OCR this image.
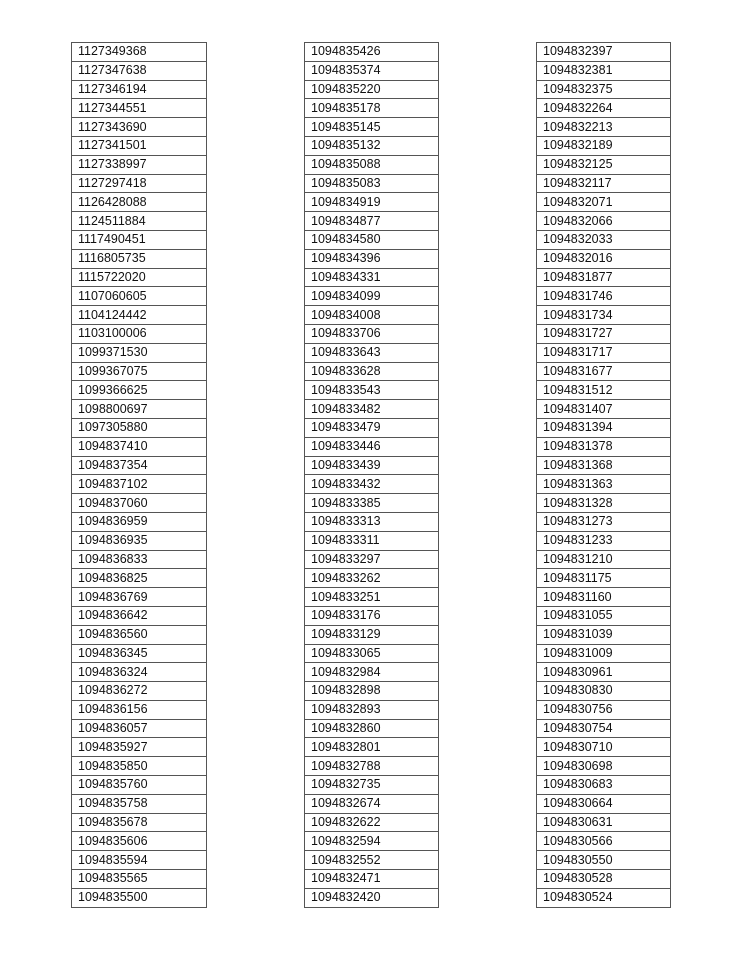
1127349368
1127347638
1127346194
1127344551
1127343690
1127341501
1127338997
1127297418
1126428088
1124511884
1117490451
1116805735
1115722020
1107060605
1104124442
1103100006
1099371530
1099367075
1099366625
1098800697
1097305880
1094837410
1094837354
1094837102
1094837060
1094836959
1094836935
1094836833
1094836825
1094836769
1094836642
1094836560
1094836345
1094836324
1094836272
1094836156
1094836057
1094835927
1094835850
1094835760
1094835758
1094835678
1094835606
1094835594
1094835565
1094835500
1094835426
1094835374
1094835220
1094835178
1094835145
1094835132
1094835088
1094835083
1094834919
1094834877
1094834580
1094834396
1094834331
1094834099
1094834008
1094833706
1094833643
1094833628
1094833543
1094833482
1094833479
1094833446
1094833439
1094833432
1094833385
1094833313
1094833311
1094833297
1094833262
1094833251
1094833176
1094833129
1094833065
1094832984
1094832898
1094832893
1094832860
1094832801
1094832788
1094832735
1094832674
1094832622
1094832594
1094832552
1094832471
1094832420
1094832397
1094832381
1094832375
1094832264
1094832213
1094832189
1094832125
1094832117
1094832071
1094832066
1094832033
1094832016
1094831877
1094831746
1094831734
1094831727
1094831717
1094831677
1094831512
1094831407
1094831394
1094831378
1094831368
1094831363
1094831328
1094831273
1094831233
1094831210
1094831175
1094831160
1094831055
1094831039
1094831009
1094830961
1094830830
1094830756
1094830754
1094830710
1094830698
1094830683
1094830664
1094830631
1094830566
1094830550
1094830528
1094830524
